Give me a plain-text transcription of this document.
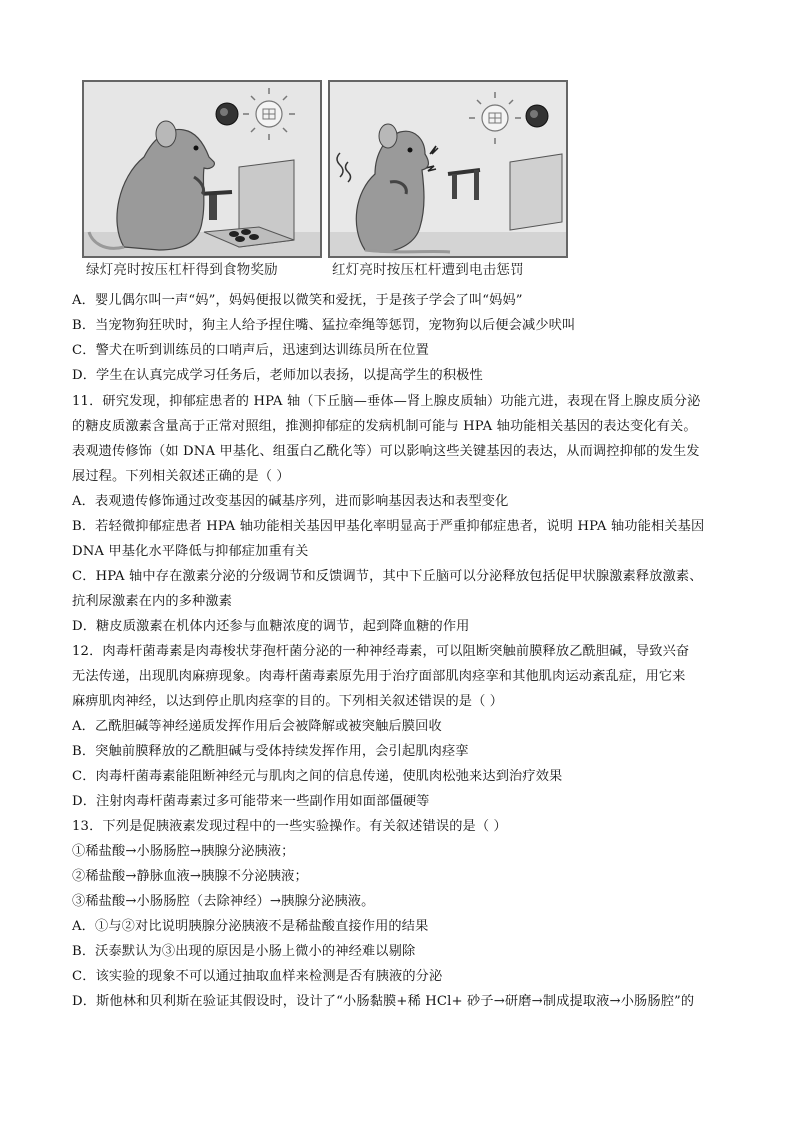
绿灯亮时按压杠杆得到食物奖励	红灯亮时按压杠杆遭到电击惩罚
A．婴儿偶尔叫一声“妈”，妈妈便报以微笑和爱抚，于是孩子学会了叫“妈妈”
B．当宠物狗狂吠时，狗主人给予捏住嘴、猛拉牵绳等惩罚，宠物狗以后便会减少吠叫
C．警犬在听到训练员的口哨声后，迅速到达训练员所在位置
D．学生在认真完成学习任务后，老师加以表扬，以提高学生的积极性
11．研究发现，抑郁症患者的 HPA 轴（下丘脑—垂体—肾上腺皮质轴）功能亢进，表现在肾上腺皮质分泌
的糖皮质激素含量高于正常对照组，推测抑郁症的发病机制可能与 HPA 轴功能相关基因的表达变化有关。
表观遗传修饰（如 DNA 甲基化、组蛋白乙酰化等）可以影响这些关键基因的表达，从而调控抑郁的发生发
展过程。下列相关叙述正确的是（ ）
A．表观遗传修饰通过改变基因的碱基序列，进而影响基因表达和表型变化
B．若轻微抑郁症患者 HPA 轴功能相关基因甲基化率明显高于严重抑郁症患者，说明 HPA 轴功能相关基因
DNA 甲基化水平降低与抑郁症加重有关
C．HPA 轴中存在激素分泌的分级调节和反馈调节，其中下丘脑可以分泌释放包括促甲状腺激素释放激素、
抗利尿激素在内的多种激素
D．糖皮质激素在机体内还参与血糖浓度的调节，起到降血糖的作用
12．肉毒杆菌毒素是肉毒梭状芽孢杆菌分泌的一种神经毒素，可以阻断突触前膜释放乙酰胆碱，导致兴奋
无法传递，出现肌肉麻痹现象。肉毒杆菌毒素原先用于治疗面部肌肉痉挛和其他肌肉运动紊乱症，用它来
麻痹肌肉神经，以达到停止肌肉痉挛的目的。下列相关叙述错误的是（ ）
A．乙酰胆碱等神经递质发挥作用后会被降解或被突触后膜回收
B．突触前膜释放的乙酰胆碱与受体持续发挥作用，会引起肌肉痉挛
C．肉毒杆菌毒素能阻断神经元与肌肉之间的信息传递，使肌肉松弛来达到治疗效果
D．注射肉毒杆菌毒素过多可能带来一些副作用如面部僵硬等
13．下列是促胰液素发现过程中的一些实验操作。有关叙述错误的是（ ）
①稀盐酸→小肠肠腔→胰腺分泌胰液；
②稀盐酸→静脉血液→胰腺不分泌胰液；
③稀盐酸→小肠肠腔（去除神经）→胰腺分泌胰液。
A．①与②对比说明胰腺分泌胰液不是稀盐酸直接作用的结果
B．沃泰默认为③出现的原因是小肠上微小的神经难以剔除
C．该实验的现象不可以通过抽取血样来检测是否有胰液的分泌
D．斯他林和贝利斯在验证其假设时，设计了“小肠黏膜+稀 HCl+ 砂子→研磨→制成提取液→小肠肠腔”的
